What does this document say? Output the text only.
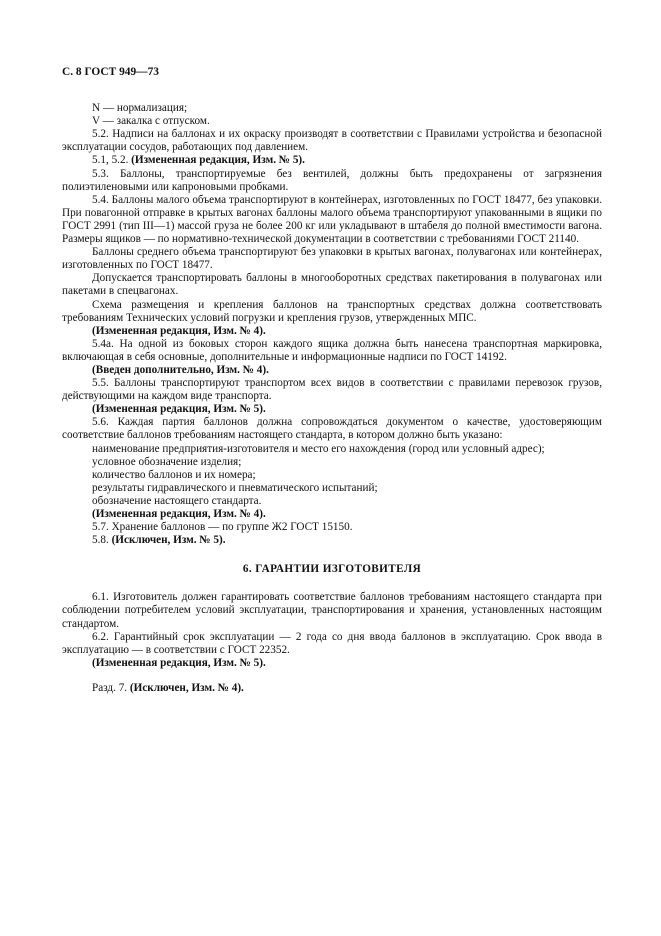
С. 8 ГОСТ 949—73

N — нормализация;

V — закалка с отпуском.

5.2. Надписи на баллонах и их окраску производят в соответствии с Правилами устройства и безопасной эксплуатации сосудов, работающих под давлением.

5.1, 5.2. (Измененная редакция, Изм. № 5).

5.3. Баллоны, транспортируемые без вентилей, должны быть предохранены от загрязнения полиэтиленовыми или капроновыми пробками.

5.4. Баллоны малого объема транспортируют в контейнерах, изготовленных по ГОСТ 18477, без упаковки. При повагонной отправке в крытых вагонах баллоны малого объема транспортируют упакованными в ящики по ГОСТ 2991 (тип III—1) массой груза не более 200 кг или укладывают в штабеля до полной вместимости вагона. Размеры ящиков — по нормативно-технической документации в соответствии с требованиями ГОСТ 21140.

Баллоны среднего объема транспортируют без упаковки в крытых вагонах, полувагонах или контейнерах, изготовленных по ГОСТ 18477.

Допускается транспортировать баллоны в многооборотных средствах пакетирования в полувагонах или пакетами в спецвагонах.

Схема размещения и крепления баллонов на транспортных средствах должна соответствовать требованиям Технических условий погрузки и крепления грузов, утвержденных МПС.

(Измененная редакция, Изм. № 4).

5.4а. На одной из боковых сторон каждого ящика должна быть нанесена транспортная маркировка, включающая в себя основные, дополнительные и информационные надписи по ГОСТ 14192.

(Введен дополнительно, Изм. № 4).

5.5. Баллоны транспортируют транспортом всех видов в соответствии с правилами перевозок грузов, действующими на каждом виде транспорта.

(Измененная редакция, Изм. № 5).

5.6. Каждая партия баллонов должна сопровождаться документом о качестве, удостоверяющим соответствие баллонов требованиям настоящего стандарта, в котором должно быть указано:

наименование предприятия-изготовителя и место его нахождения (город или условный адрес);

условное обозначение изделия;

количество баллонов и их номера;

результаты гидравлического и пневматического испытаний;

обозначение настоящего стандарта.

(Измененная редакция, Изм. № 4).

5.7. Хранение баллонов — по группе Ж2 ГОСТ 15150.

5.8. (Исключен, Изм. № 5).

6. ГАРАНТИИ ИЗГОТОВИТЕЛЯ

6.1. Изготовитель должен гарантировать соответствие баллонов требованиям настоящего стандарта при соблюдении потребителем условий эксплуатации, транспортирования и хранения, установленных настоящим стандартом.

6.2. Гарантийный срок эксплуатации — 2 года со дня ввода баллонов в эксплуатацию. Срок ввода в эксплуатацию — в соответствии с ГОСТ 22352.

(Измененная редакция, Изм. № 5).

Разд. 7. (Исключен, Изм. № 4).
